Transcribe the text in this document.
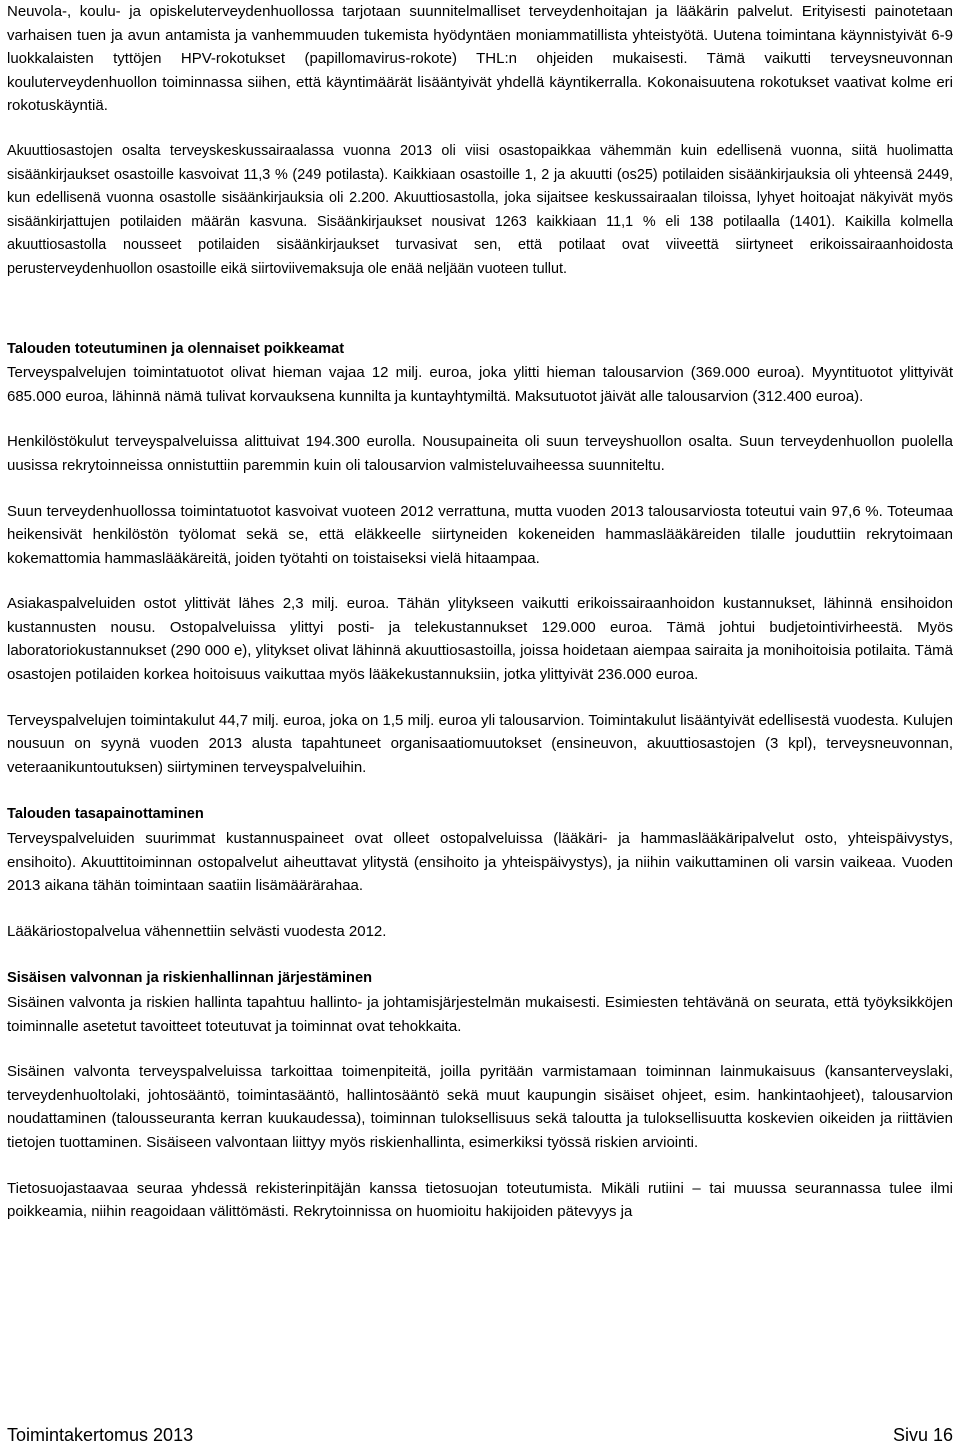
Neuvola-, koulu- ja opiskeluterveydenhuollossa tarjotaan suunnitelmalliset terveydenhoitajan ja lääkärin palvelut. Erityisesti painotetaan varhaisen tuen ja avun antamista ja vanhemmuuden tukemista hyödyntäen moniammatillista yhteistyötä. Uutena toimintana käynnistyivät 6-9 luokkalaisten tyttöjen HPV-rokotukset (papillomavirus-rokote) THL:n ohjeiden mukaisesti. Tämä vaikutti terveysneuvonnan kouluterveydenhuollon toiminnassa siihen, että käyntimäärät lisääntyivät yhdellä käyntikerralla. Kokonaisuutena rokotukset vaativat kolme eri rokotuskäyntiä.

Akuuttiosastojen osalta terveyskeskussairaalassa vuonna 2013 oli viisi osastopaikkaa vähemmän kuin edellisenä vuonna, siitä huolimatta sisäänkirjaukset osastoille kasvoivat 11,3 % (249 potilasta). Kaikkiaan osastoille 1, 2 ja akuutti (os25) potilaiden sisäänkirjauksia oli yhteensä 2449, kun edellisenä vuonna osastolle sisäänkirjauksia oli 2.200. Akuuttiosastolla, joka sijaitsee keskussairaalan tiloissa, lyhyet hoitoajat näkyivät myös sisäänkirjattujen potilaiden määrän kasvuna. Sisäänkirjaukset nousivat 1263 kaikkiaan 11,1 % eli 138 potilaalla (1401). Kaikilla kolmella akuuttiosastolla nousseet potilaiden sisäänkirjaukset turvasivat sen, että potilaat ovat viiveettä siirtyneet erikoissairaanhoidosta perusterveydenhuollon osastoille eikä siirtoviivemaksuja ole enää neljään vuoteen tullut.

Talouden toteutuminen ja olennaiset poikkeamat

Terveyspalvelujen toimintatuotot olivat hieman vajaa 12 milj. euroa, joka ylitti hieman talousarvion (369.000 euroa). Myyntituotot ylittyivät 685.000 euroa, lähinnä nämä tulivat korvauksena kunnilta ja kuntayhtymiltä. Maksutuotot jäivät alle talousarvion (312.400 euroa).

Henkilöstökulut terveyspalveluissa alittuivat 194.300 eurolla. Nousupaineita oli suun terveyshuollon osalta. Suun terveydenhuollon puolella uusissa rekrytoinneissa onnistuttiin paremmin kuin oli talousarvion valmisteluvaiheessa suunniteltu.

Suun terveydenhuollossa toimintatuotot kasvoivat vuoteen 2012 verrattuna, mutta vuoden 2013 talousarviosta toteutui vain 97,6 %. Toteumaa heikensivät henkilöstön työlomat sekä se, että eläkkeelle siirtyneiden kokeneiden hammaslääkäreiden tilalle jouduttiin rekrytoimaan kokemattomia hammaslääkäreitä, joiden työtahti on toistaiseksi vielä hitaampaa.

Asiakaspalveluiden ostot ylittivät lähes 2,3 milj. euroa. Tähän ylitykseen vaikutti erikoissairaanhoidon kustannukset, lähinnä ensihoidon kustannusten nousu. Ostopalveluissa ylittyi posti- ja telekustannukset 129.000 euroa. Tämä johtui budjetointivirheestä. Myös laboratoriokustannukset (290 000 e), ylitykset olivat lähinnä akuuttiosastoilla, joissa hoidetaan aiempaa sairaita ja monihoitoisia potilaita. Tämä osastojen potilaiden korkea hoitoisuus vaikuttaa myös lääkekustannuksiin, jotka ylittyivät 236.000 euroa.

Terveyspalvelujen toimintakulut 44,7 milj. euroa, joka on 1,5 milj. euroa yli talousarvion. Toimintakulut lisääntyivät edellisestä vuodesta. Kulujen nousuun on syynä vuoden 2013 alusta tapahtuneet organisaatiomuutokset (ensineuvon, akuuttiosastojen (3 kpl), terveysneuvonnan, veteraanikuntoutuksen) siirtyminen terveyspalveluihin.

Talouden tasapainottaminen

Terveyspalveluiden suurimmat kustannuspaineet ovat olleet ostopalveluissa (lääkäri- ja hammaslääkäripalvelut osto, yhteispäivystys, ensihoito). Akuuttitoiminnan ostopalvelut aiheuttavat ylitystä (ensihoito ja yhteispäivystys), ja niihin vaikuttaminen oli varsin vaikeaa. Vuoden 2013 aikana tähän toimintaan saatiin lisämäärärahaa.

Lääkäriostopalvelua vähennettiin selvästi vuodesta 2012.

Sisäisen valvonnan ja riskienhallinnan järjestäminen

Sisäinen valvonta ja riskien hallinta tapahtuu hallinto- ja johtamisjärjestelmän mukaisesti. Esimiesten tehtävänä on seurata, että työyksikköjen toiminnalle asetetut tavoitteet toteutuvat ja toiminnat ovat tehokkaita.

Sisäinen valvonta terveyspalveluissa tarkoittaa toimenpiteitä, joilla pyritään varmistamaan toiminnan lainmukaisuus (kansanterveyslaki, terveydenhuoltolaki, johtosääntö, toimintasääntö, hallintosääntö sekä muut kaupungin sisäiset ohjeet, esim. hankintaohjeet), talousarvion noudattaminen (talousseuranta kerran kuukaudessa), toiminnan tuloksellisuus sekä taloutta ja tuloksellisuutta koskevien oikeiden ja riittävien tietojen tuottaminen. Sisäiseen valvontaan liittyy myös riskienhallinta, esimerkiksi työssä riskien arviointi.

Tietosuojastaavaa seuraa yhdessä rekisterinpitäjän kanssa tietosuojan toteutumista. Mikäli rutiini – tai muussa seurannassa tulee ilmi poikkeamia, niihin reagoidaan välittömästi. Rekrytoinnissa on huomioitu hakijoiden pätevyys ja

Toimintakertomus 2013	Sivu 16
